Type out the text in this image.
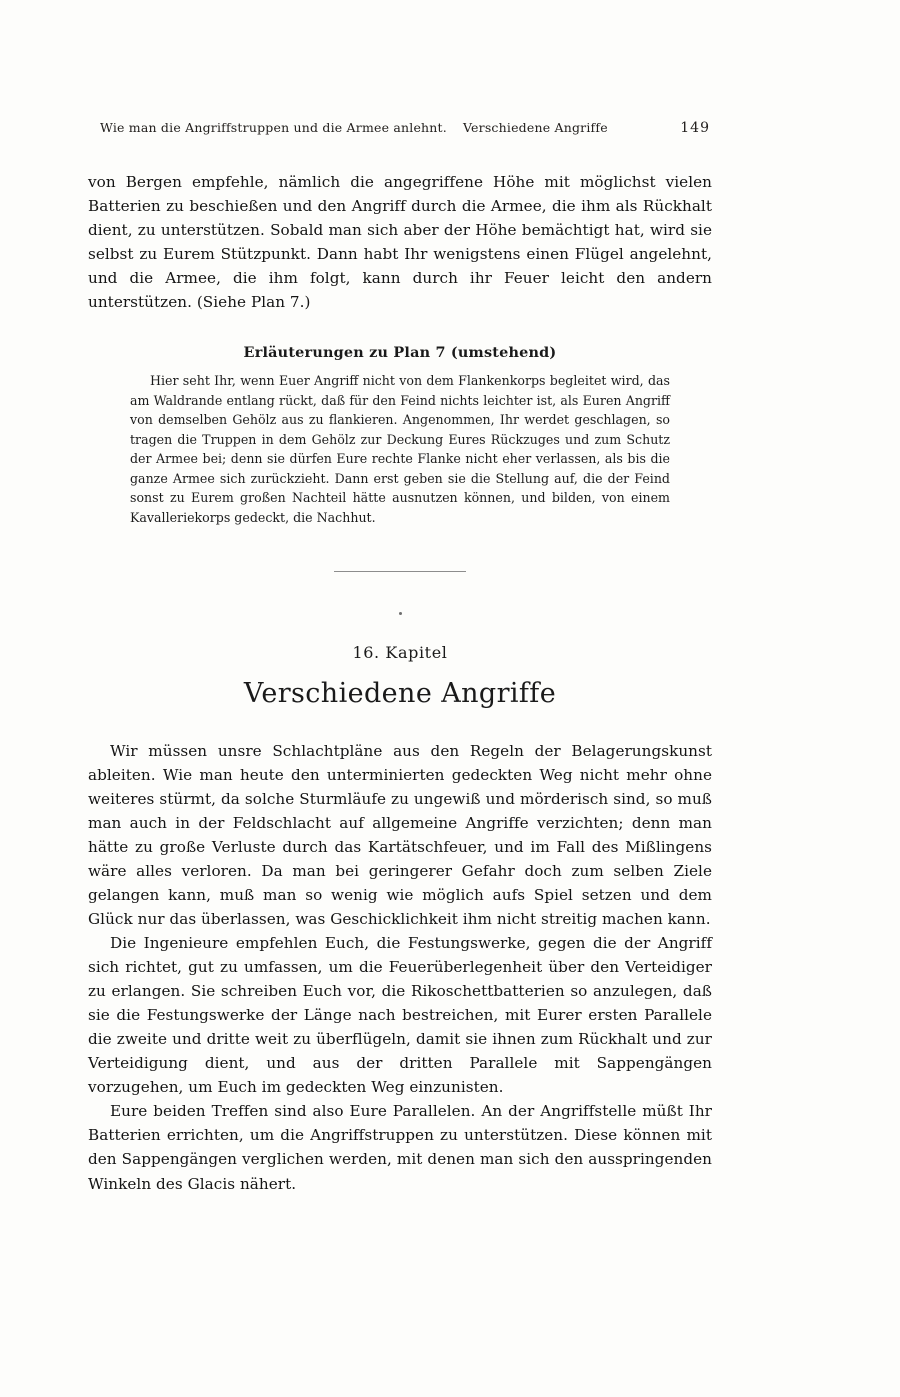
Wie man die Angriffstruppen und die Armee anlehnt. Verschiedene Angriffe	149

von Bergen empfehle, nämlich die angegriffene Höhe mit möglichst vielen Batterien zu beschießen und den Angriff durch die Armee, die ihm als Rückhalt dient, zu unterstützen. Sobald man sich aber der Höhe bemächtigt hat, wird sie selbst zu Eurem Stützpunkt. Dann habt Ihr wenigstens einen Flügel angelehnt, und die Armee, die ihm folgt, kann durch ihr Feuer leicht den andern unterstützen. (Siehe Plan 7.)

Erläuterungen zu Plan 7 (umstehend)

Hier seht Ihr, wenn Euer Angriff nicht von dem Flankenkorps begleitet wird, das am Waldrande entlang rückt, daß für den Feind nichts leichter ist, als Euren Angriff von demselben Gehölz aus zu flankieren. Angenommen, Ihr werdet geschlagen, so tragen die Truppen in dem Gehölz zur Deckung Eures Rückzuges und zum Schutz der Armee bei; denn sie dürfen Eure rechte Flanke nicht eher verlassen, als bis die ganze Armee sich zurückzieht. Dann erst geben sie die Stellung auf, die der Feind sonst zu Eurem großen Nachteil hätte ausnutzen können, und bilden, von einem Kavalleriekorps gedeckt, die Nachhut.

16. Kapitel
Verschiedene Angriffe

Wir müssen unsre Schlachtpläne aus den Regeln der Belagerungskunst ableiten. Wie man heute den unterminierten gedeckten Weg nicht mehr ohne weiteres stürmt, da solche Sturmläufe zu ungewiß und mörderisch sind, so muß man auch in der Feldschlacht auf allgemeine Angriffe verzichten; denn man hätte zu große Verluste durch das Kartätschfeuer, und im Fall des Mißlingens wäre alles verloren. Da man bei geringerer Gefahr doch zum selben Ziele gelangen kann, muß man so wenig wie möglich aufs Spiel setzen und dem Glück nur das überlassen, was Geschicklichkeit ihm nicht streitig machen kann.

Die Ingenieure empfehlen Euch, die Festungswerke, gegen die der Angriff sich richtet, gut zu umfassen, um die Feuerüberlegenheit über den Verteidiger zu erlangen. Sie schreiben Euch vor, die Rikoschettbatterien so anzulegen, daß sie die Festungswerke der Länge nach bestreichen, mit Eurer ersten Parallele die zweite und dritte weit zu überflügeln, damit sie ihnen zum Rückhalt und zur Verteidigung dient, und aus der dritten Parallele mit Sappengängen vorzugehen, um Euch im gedeckten Weg einzunisten.

Eure beiden Treffen sind also Eure Parallelen. An der Angriffstelle müßt Ihr Batterien errichten, um die Angriffstruppen zu unterstützen. Diese können mit den Sappengängen verglichen werden, mit denen man sich den ausspringenden Winkeln des Glacis nähert.
